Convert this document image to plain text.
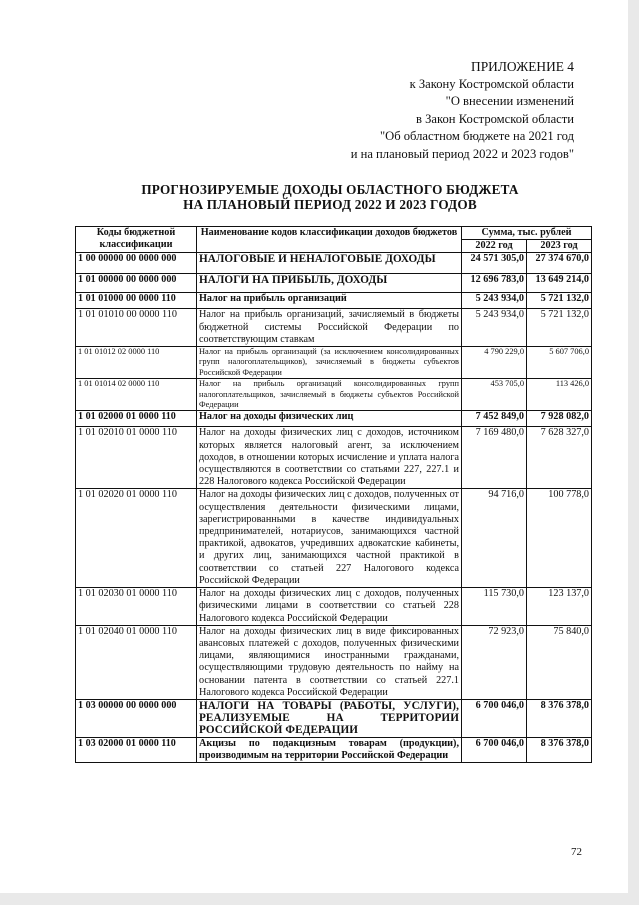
ПРИЛОЖЕНИЕ 4
к Закону Костромской области
"О внесении изменений
в Закон Костромской области
"Об областном бюджете на 2021 год
и на плановый период 2022 и 2023 годов"
ПРОГНОЗИРУЕМЫЕ ДОХОДЫ ОБЛАСТНОГО БЮДЖЕТА
НА ПЛАНОВЫЙ ПЕРИОД 2022 И 2023 ГОДОВ
Коды бюджетной классификации	Наименование кодов классификации доходов бюджетов	Сумма, тыс. рублей	
		2022 год	2023 год
1 00 00000 00 0000 000	НАЛОГОВЫЕ И НЕНАЛОГОВЫЕ ДОХОДЫ	24 571 305,0	27 374 670,0
1 01 00000 00 0000 000	НАЛОГИ НА ПРИБЫЛЬ, ДОХОДЫ	12 696 783,0	13 649 214,0
1 01 01000 00 0000 110	Налог на прибыль организаций	5 243 934,0	5 721 132,0
1 01 01010 00 0000 110	Налог на прибыль организаций, зачисляемый в бюджеты бюджетной системы Российской Федерации по соответствующим ставкам	5 243 934,0	5 721 132,0
1 01 01012 02 0000 110	Налог на прибыль организаций (за исключением консолидированных групп налогоплательщиков), зачисляемый в бюджеты субъектов Российской Федерации	4 790 229,0	5 607 706,0
1 01 01014 02 0000 110	Налог на прибыль организаций консолидированных групп налогоплательщиков, зачисляемый в бюджеты субъектов Российской Федерации	453 705,0	113 426,0
1 01 02000 01 0000 110	Налог на доходы физических лиц	7 452 849,0	7 928 082,0
1 01 02010 01 0000 110	Налог на доходы физических лиц с доходов, источником которых является налоговый агент, за исключением доходов, в отношении которых исчисление и уплата налога осуществляются в соответствии со статьями 227, 227.1 и 228 Налогового кодекса Российской Федерации	7 169 480,0	7 628 327,0
1 01 02020 01 0000 110	Налог на доходы физических лиц с доходов, полученных от осуществления деятельности физическими лицами, зарегистрированными в качестве индивидуальных предпринимателей, нотариусов, занимающихся частной практикой, адвокатов, учредивших адвокатские кабинеты, и других лиц, занимающихся частной практикой в соответствии со статьей 227 Налогового кодекса Российской Федерации	94 716,0	100 778,0
1 01 02030 01 0000 110	Налог на доходы физических лиц с доходов, полученных физическими лицами в соответствии со статьей 228 Налогового кодекса Российской Федерации	115 730,0	123 137,0
1 01 02040 01 0000 110	Налог на доходы физических лиц в виде фиксированных авансовых платежей с доходов, полученных физическими лицами, являющимися иностранными гражданами, осуществляющими трудовую деятельность по найму на основании патента в соответствии со статьей 227.1 Налогового кодекса Российской Федерации	72 923,0	75 840,0
1 03 00000 00 0000 000	НАЛОГИ НА ТОВАРЫ (РАБОТЫ, УСЛУГИ), РЕАЛИЗУЕМЫЕ НА ТЕРРИТОРИИ РОССИЙСКОЙ ФЕДЕРАЦИИ	6 700 046,0	8 376 378,0
1 03 02000 01 0000 110	Акцизы по подакцизным товарам (продукции), производимым на территории Российской Федерации	6 700 046,0	8 376 378,0
72
